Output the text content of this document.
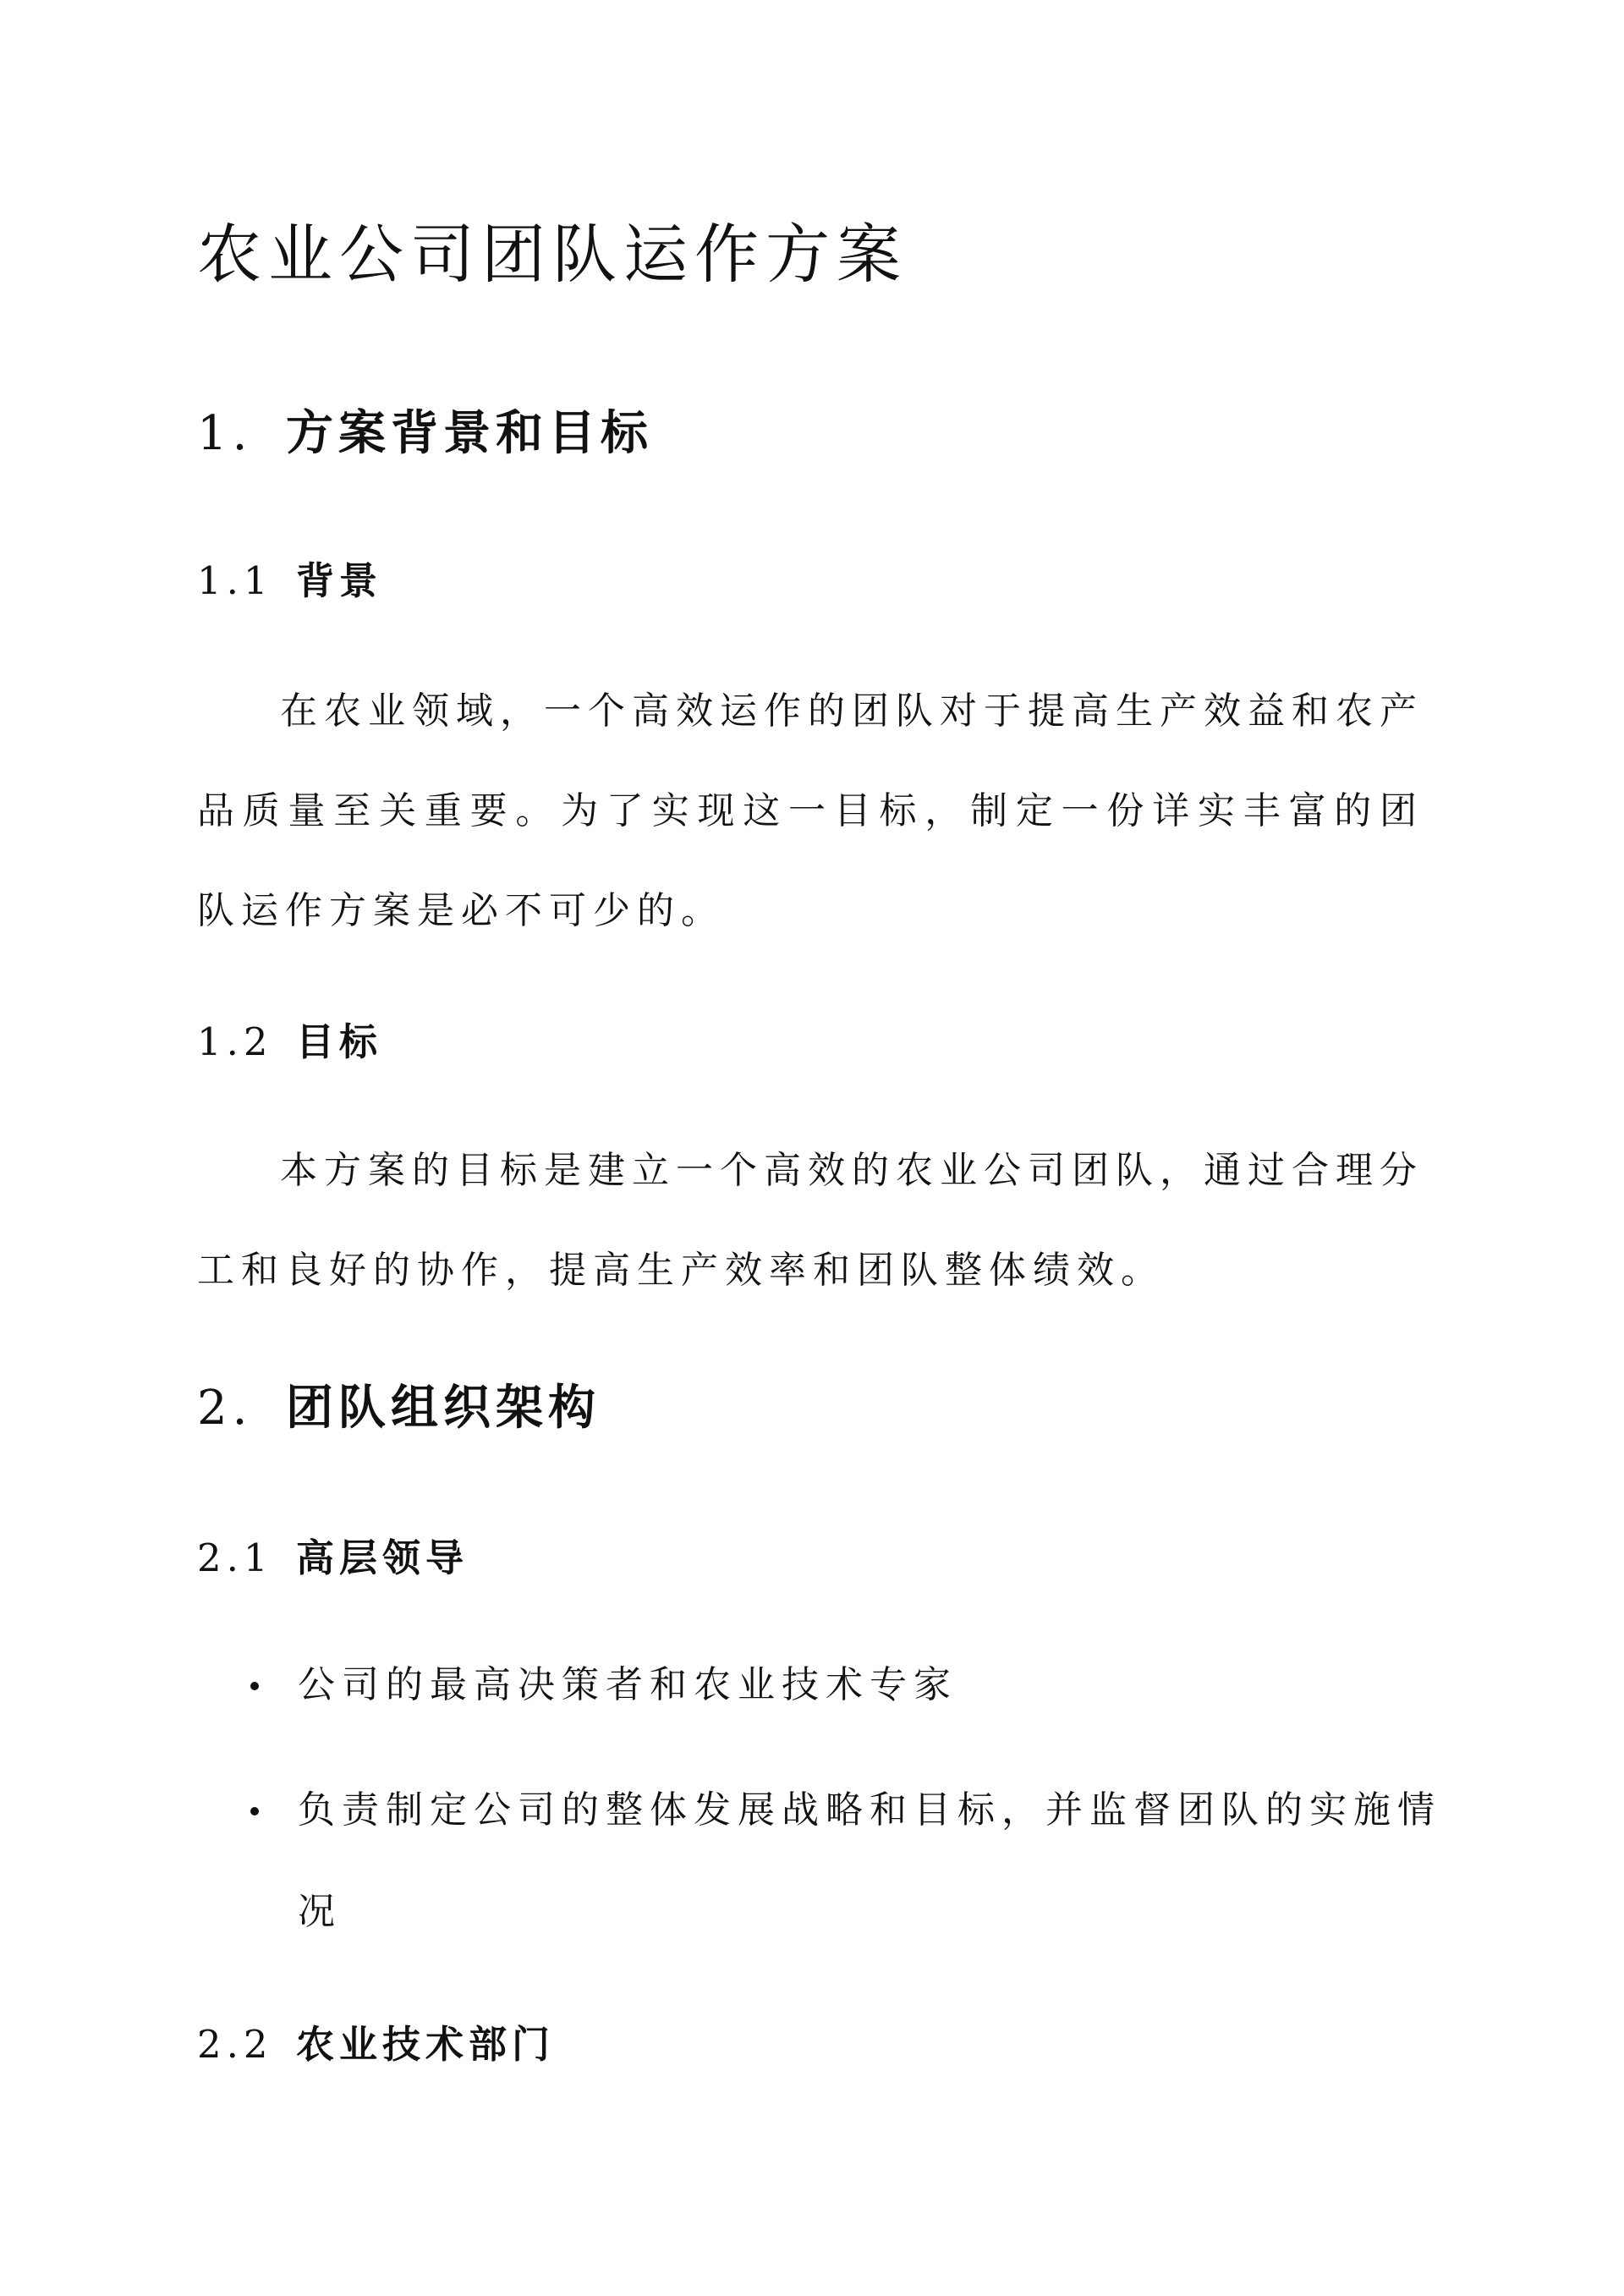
农业公司团队运作方案
1. 方案背景和目标
1.1 背景

在农业领域，一个高效运作的团队对于提高生产效益和农产品质量至关重要。为了实现这一目标，制定一份详实丰富的团队运作方案是必不可少的。

1.2 目标

本方案的目标是建立一个高效的农业公司团队，通过合理分工和良好的协作，提高生产效率和团队整体绩效。

2. 团队组织架构
2.1 高层领导
公司的最高决策者和农业技术专家
负责制定公司的整体发展战略和目标，并监督团队的实施情况
2.2 农业技术部门
